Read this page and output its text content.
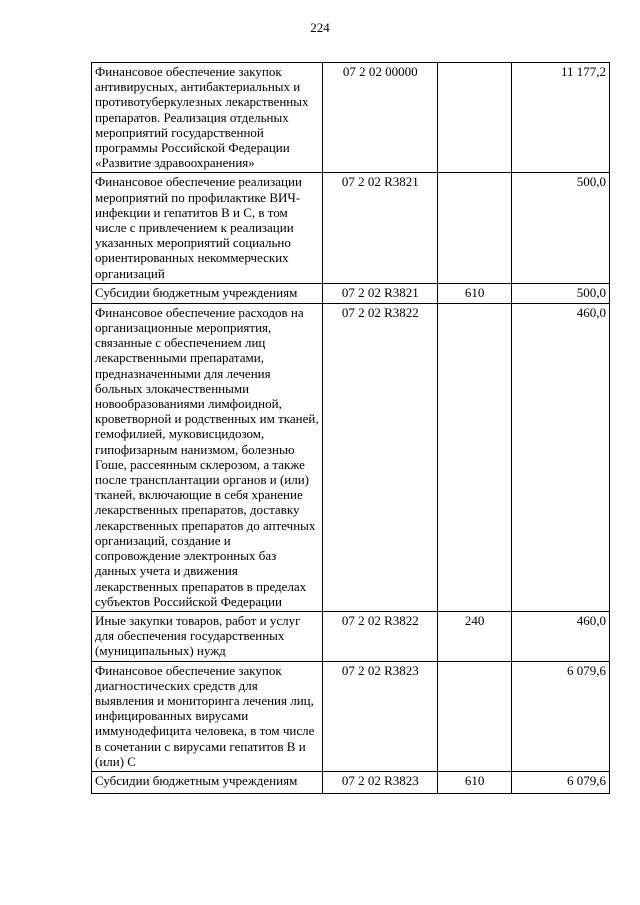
224
Финансовое обеспечение закупок антивирусных, антибактериальных и противотуберкулезных лекарственных препаратов. Реализация отдельных мероприятий государственной программы Российской Федерации «Развитие здравоохранения»	07 2 02 00000		11 177,2
Финансовое обеспечение реализации мероприятий по профилактике ВИЧ-инфекции и гепатитов В и С, в том числе с привлечением к реализации указанных мероприятий социально ориентированных некоммерческих организаций	07 2 02 R3821		500,0
Субсидии бюджетным учреждениям	07 2 02 R3821	610	500,0
Финансовое обеспечение расходов на организационные мероприятия, связанные с обеспечением лиц лекарственными препаратами, предназначенными для лечения больных злокачественными новообразованиями лимфоидной, кроветворной и родственных им тканей, гемофилией, муковисцидозом, гипофизарным нанизмом, болезнью Гоше, рассеянным склерозом, а также после трансплантации органов и (или) тканей, включающие в себя хранение лекарственных препаратов, доставку лекарственных препаратов до аптечных организаций, создание и сопровождение электронных баз данных учета и движения лекарственных препаратов в пределах субъектов Российской Федерации	07 2 02 R3822		460,0
Иные закупки товаров, работ и услуг для обеспечения государственных (муниципальных) нужд	07 2 02 R3822	240	460,0
Финансовое обеспечение закупок диагностических средств для выявления и мониторинга лечения лиц, инфицированных вирусами иммунодефицита человека, в том числе в сочетании с вирусами гепатитов В и (или) С	07 2 02 R3823		6 079,6
Субсидии бюджетным учреждениям	07 2 02 R3823	610	6 079,6
